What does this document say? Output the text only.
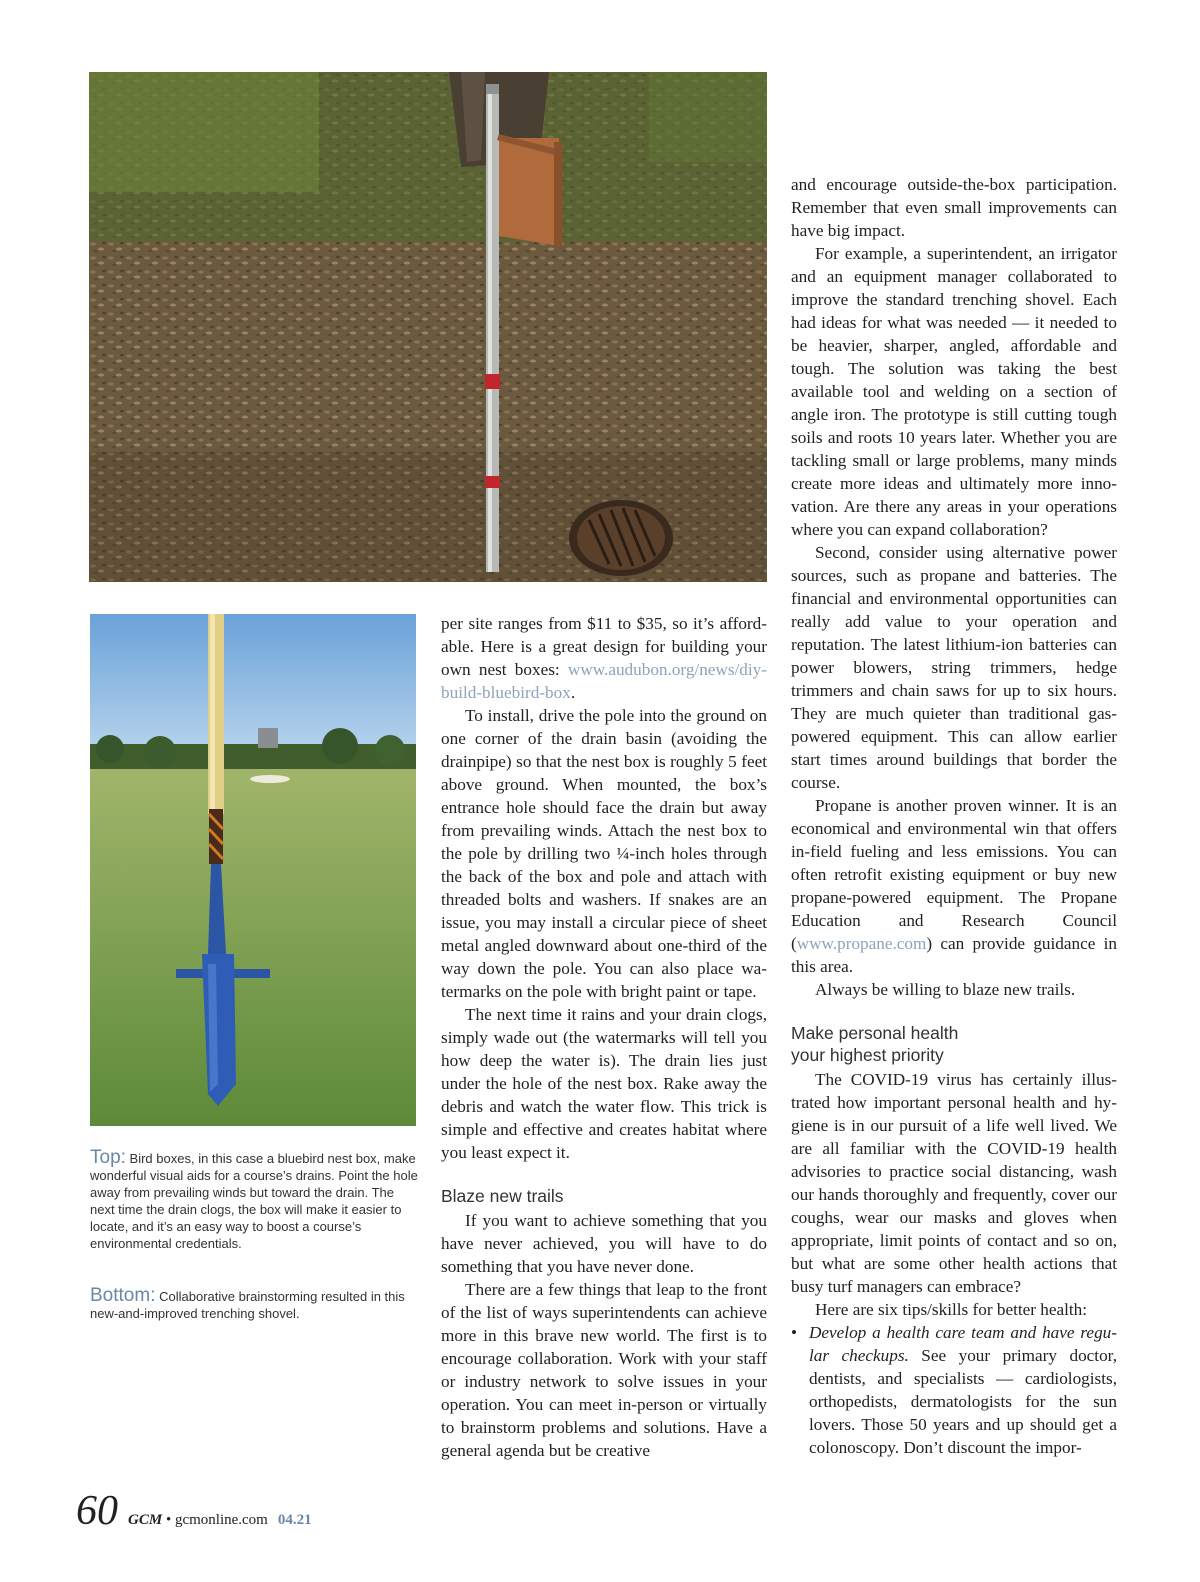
Top: Bird boxes, in this case a bluebird nest box, make wonderful visual aids for a course’s drains. Point the hole away from prevailing winds but toward the drain. The next time the drain clogs, the box will make it easier to locate, and it’s an easy way to boost a course’s environmental credentials.
Bottom: Collaborative brainstorming resulted in this new-and-improved trenching shovel.

per site ranges from $11 to $35, so it’s affordable. Here is a great design for building your own nest boxes: www.audubon.org/news/diy-build-bluebird-box.

To install, drive the pole into the ground on one corner of the drain basin (avoiding the drainpipe) so that the nest box is roughly 5 feet above ground. When mounted, the box’s entrance hole should face the drain but away from prevailing winds. Attach the nest box to the pole by drilling two ¼-inch holes through the back of the box and pole and attach with threaded bolts and washers. If snakes are an issue, you may install a circular piece of sheet metal angled downward about one-third of the way down the pole. You can also place watermarks on the pole with bright paint or tape.

The next time it rains and your drain clogs, simply wade out (the watermarks will tell you how deep the water is). The drain lies just under the hole of the nest box. Rake away the debris and watch the water flow. This trick is simple and effective and creates habitat where you least expect it.

Blaze new trails

If you want to achieve something that you have never achieved, you will have to do something that you have never done.

There are a few things that leap to the front of the list of ways superintendents can achieve more in this brave new world. The first is to encourage collaboration. Work with your staff or industry network to solve issues in your operation. You can meet in-person or virtually to brainstorm problems and solutions. Have a general agenda but be creative

and encourage outside-the-box participation. Remember that even small improvements can have big impact.

For example, a superintendent, an irrigator and an equipment manager collaborated to improve the standard trenching shovel. Each had ideas for what was needed — it needed to be heavier, sharper, angled, affordable and tough. The solution was taking the best available tool and welding on a section of angle iron. The prototype is still cutting tough soils and roots 10 years later. Whether you are tackling small or large problems, many minds create more ideas and ultimately more innovation. Are there any areas in your operations where you can expand collaboration?

Second, consider using alternative power sources, such as propane and batteries. The financial and environmental opportunities can really add value to your operation and reputation. The latest lithium-ion batteries can power blowers, string trimmers, hedge trimmers and chain saws for up to six hours. They are much quieter than traditional gas-powered equipment. This can allow earlier start times around buildings that border the course.

Propane is another proven winner. It is an economical and environmental win that offers in-field fueling and less emissions. You can often retrofit existing equipment or buy new propane-powered equipment. The Propane Education and Research Council (www.propane.com) can provide guidance in this area.

Always be willing to blaze new trails.

Make personal health
your highest priority

The COVID-19 virus has certainly illustrated how important personal health and hygiene is in our pursuit of a life well lived. We are all familiar with the COVID-19 health advisories to practice social distancing, wash our hands thoroughly and frequently, cover our coughs, wear our masks and gloves when appropriate, limit points of contact and so on, but what are some other health actions that busy turf managers can embrace?

Here are six tips/skills for better health:

• Develop a health care team and have regular checkups. See your primary doctor, dentists, and specialists — cardiologists, orthopedists, dermatologists for the sun lovers. Those 50 years and up should get a colonoscopy. Don’t discount the impor-

60 GCM • gcmonline.com 04.21
